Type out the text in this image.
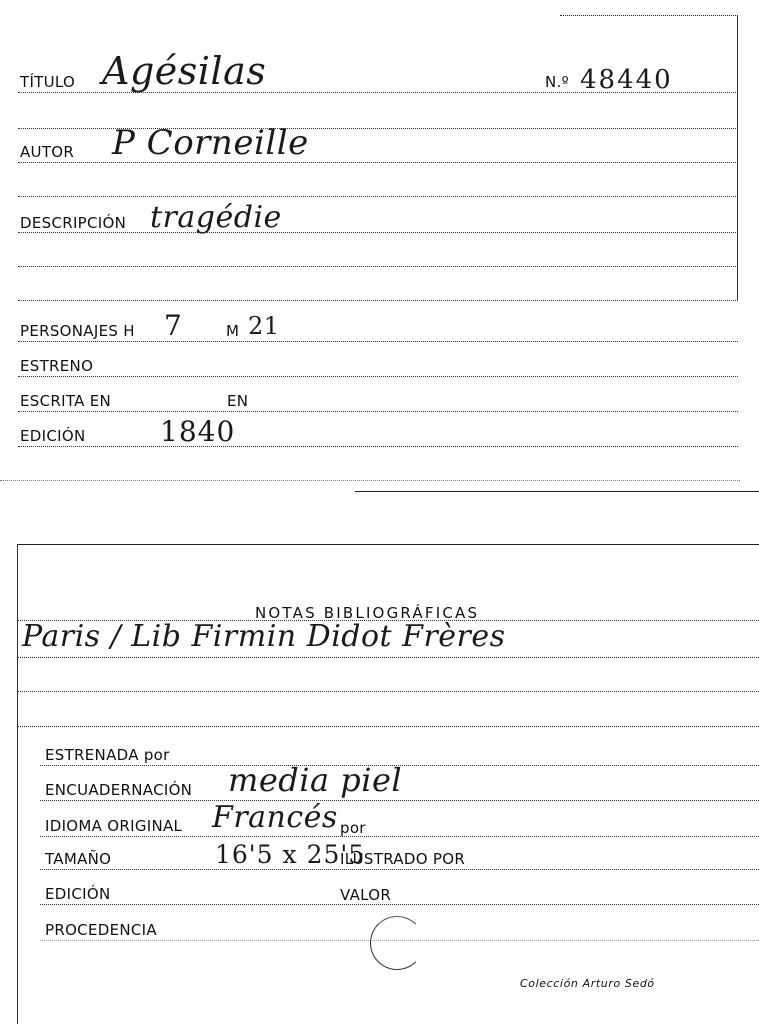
TÍTULO Agésilas	N.º 48440
AUTOR P Corneille
DESCRIPCIÓN tragédie
PERSONAJES H 7	M 21
ESTRENO
ESCRITA EN	EN
EDICIÓN	1840
NOTAS BIBLIOGRÁFICAS
Paris / Lib Firmin Didot Frères
ESTRENADA por
ENCUADERNACIÓN media piel
IDIOMA ORIGINAL Francés por
TAMAÑO	16'5 x 25'5
ILUSTRADO POR
EDICIÓN	VALOR
PROCEDENCIA
Colección Arturo Sedó
